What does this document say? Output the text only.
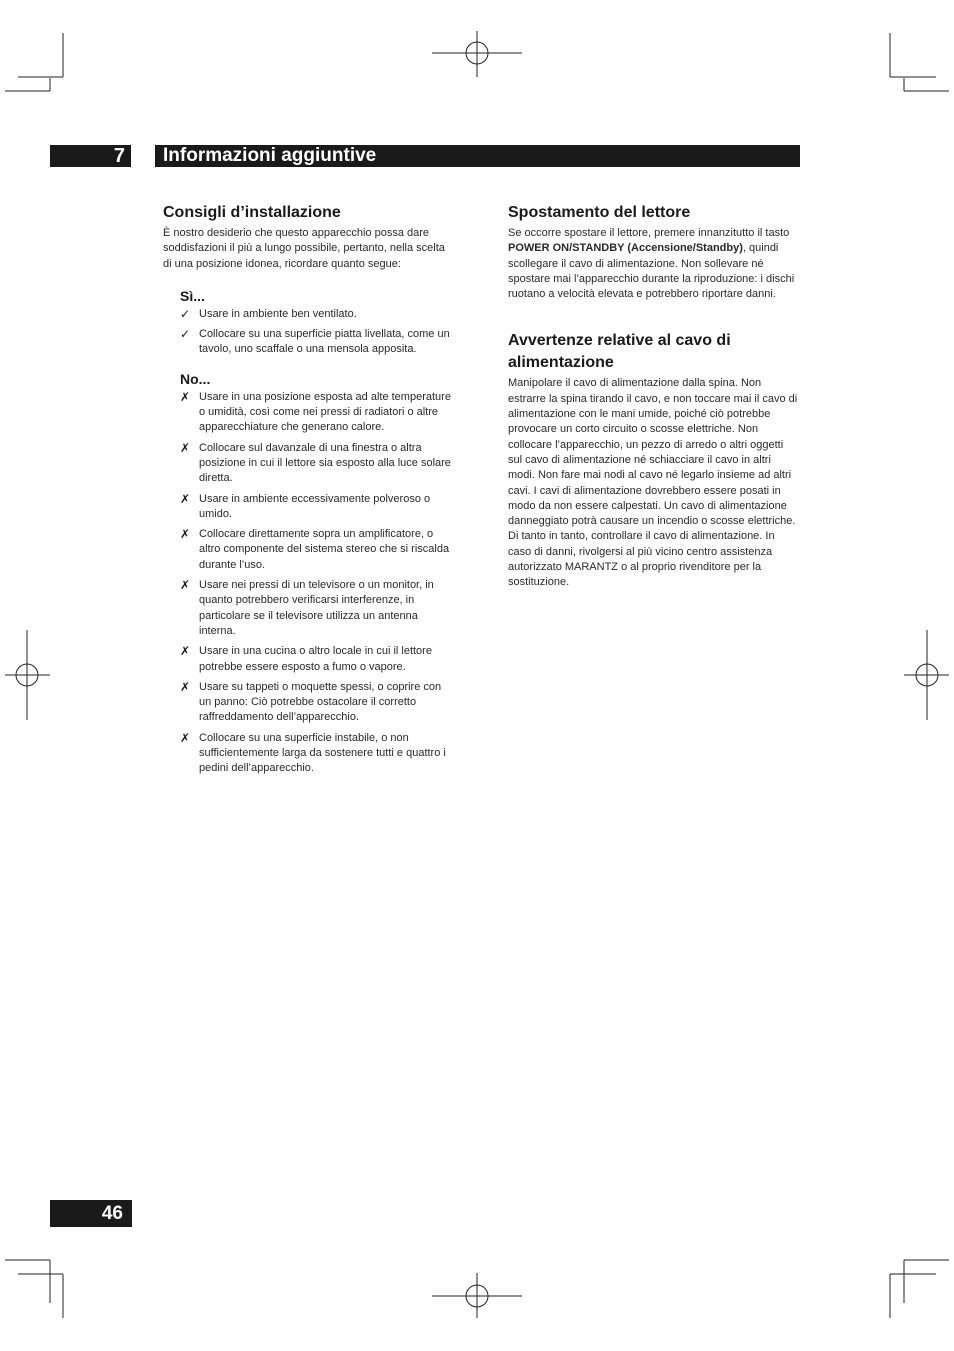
7	Informazioni aggiuntive
Consigli d’installazione

È nostro desiderio che questo apparecchio possa dare soddisfazioni il più a lungo possibile, pertanto, nella scelta di una posizione idonea, ricordare quanto segue:

Sì...
✓ Usare in ambiente ben ventilato.
✓ Collocare su una superficie piatta livellata, come un tavolo, uno scaffale o una mensola apposita.
No...
✗ Usare in una posizione esposta ad alte temperature o umidità, così come nei pressi di radiatori o altre apparecchiature che generano calore.
✗ Collocare sul davanzale di una finestra o altra posizione in cui il lettore sia esposto alla luce solare diretta.
✗ Usare in ambiente eccessivamente polveroso o umido.
✗ Collocare direttamente sopra un amplificatore, o altro componente del sistema stereo che si riscalda durante l’uso.
✗ Usare nei pressi di un televisore o un monitor, in quanto potrebbero verificarsi interferenze, in particolare se il televisore utilizza un antenna interna.
✗ Usare in una cucina o altro locale in cui il lettore potrebbe essere esposto a fumo o vapore.
✗ Usare su tappeti o moquette spessi, o coprire con un panno: Ciò potrebbe ostacolare il corretto raffreddamento dell’apparecchio.
✗ Collocare su una superficie instabile, o non sufficientemente larga da sostenere tutti e quattro i pedini dell’apparecchio.
Spostamento del lettore

Se occorre spostare il lettore, premere innanzitutto il tasto POWER ON/STANDBY (Accensione/Standby), quindi scollegare il cavo di alimentazione. Non sollevare né spostare mai l’apparecchio durante la riproduzione: i dischi ruotano a velocità elevata e potrebbero riportare danni.

Avvertenze relative al cavo di alimentazione

Manipolare il cavo di alimentazione dalla spina. Non estrarre la spina tirando il cavo, e non toccare mai il cavo di alimentazione con le mani umide, poiché ciò potrebbe provocare un corto circuito o scosse elettriche. Non collocare l’apparecchio, un pezzo di arredo o altri oggetti sul cavo di alimentazione né schiacciare il cavo in altri modi. Non fare mai nodi al cavo né legarlo insieme ad altri cavi. I cavi di alimentazione dovrebbero essere posati in modo da non essere calpestati. Un cavo di alimentazione danneggiato potrà causare un incendio o scosse elettriche. Di tanto in tanto, controllare il cavo di alimentazione. In caso di danni, rivolgersi al più vicino centro assistenza autorizzato MARANTZ o al proprio rivenditore per la sostituzione.

46
